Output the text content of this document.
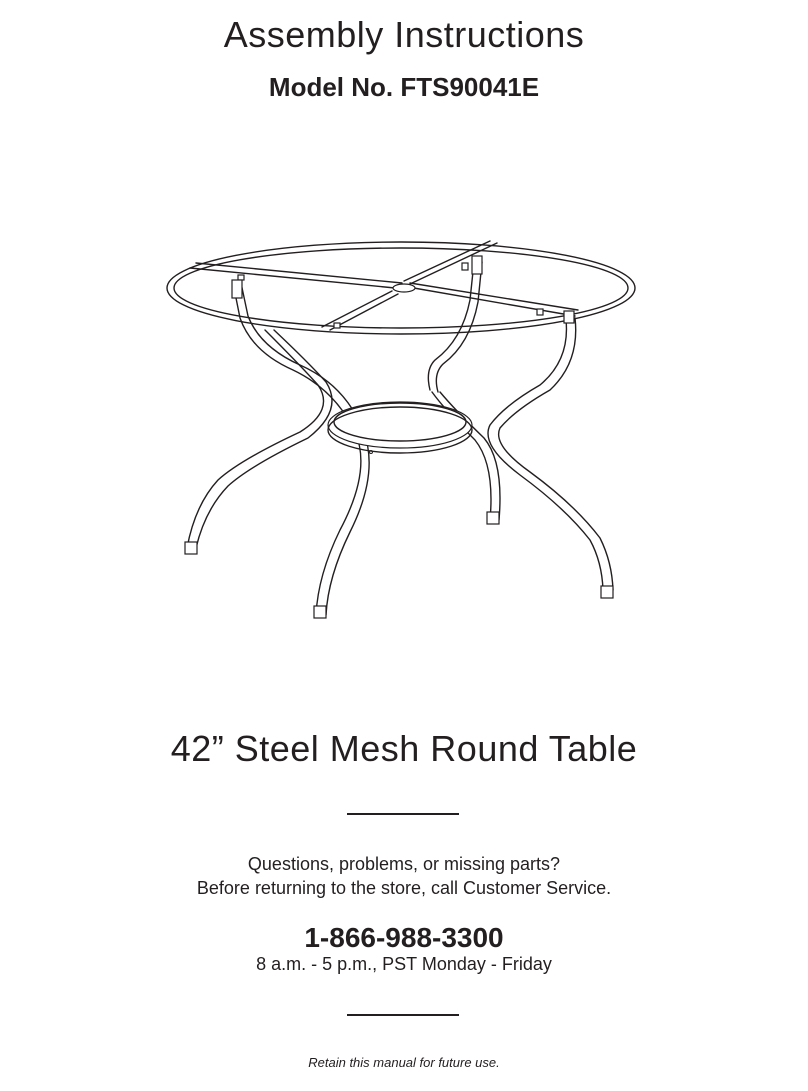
Assembly Instructions
Model No. FTS90041E
42” Steel Mesh Round Table
Questions, problems, or missing parts?
Before returning to the store, call Customer Service.
1-866-988-3300
8 a.m. - 5 p.m., PST Monday - Friday
Retain this manual for future use.
